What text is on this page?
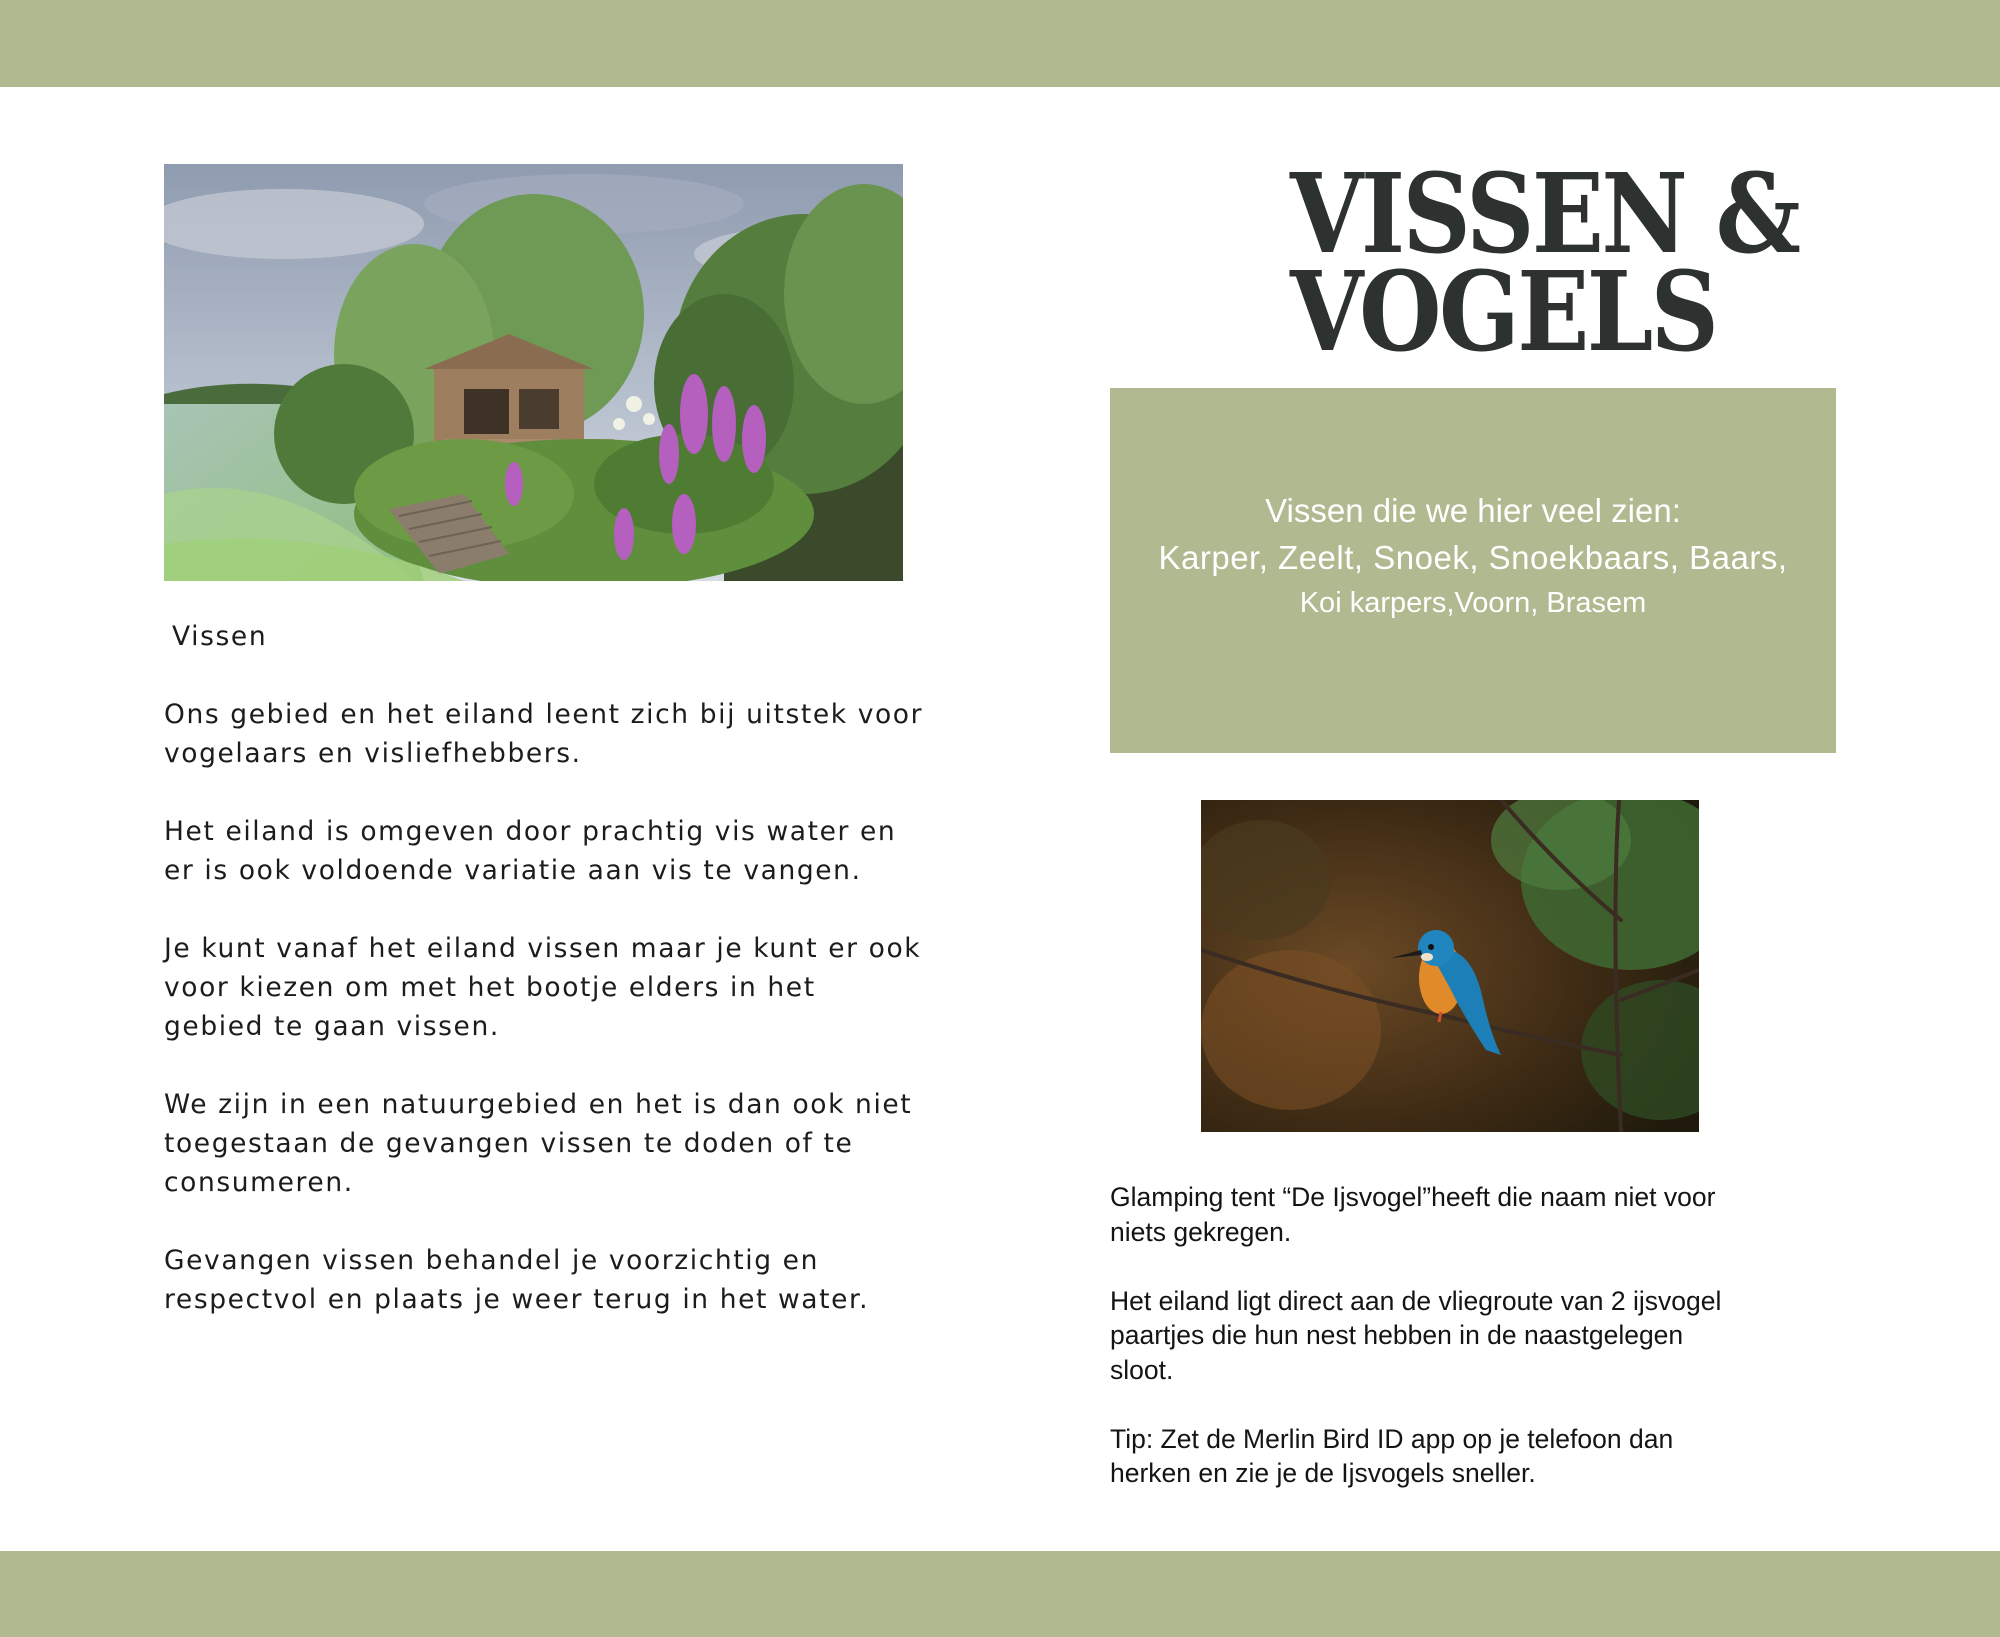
Vissen

Ons gebied en het eiland leent zich bij uitstek voor vogelaars en visliefhebbers.

Het eiland is omgeven door prachtig vis water en er is ook voldoende variatie aan vis te vangen.

Je kunt vanaf het eiland vissen maar je kunt er ook voor kiezen om met het bootje elders in het gebied te gaan vissen.

We zijn in een natuurgebied en het is dan ook niet toegestaan de gevangen vissen te doden of te consumeren.

Gevangen vissen behandel je voorzichtig en respectvol en plaats je weer terug in het water.

VISSEN &
VOGELS
Vissen die we hier veel zien:
Karper, Zeelt, Snoek, Snoekbaars, Baars,
Koi karpers,Voorn, Brasem

Glamping tent “De Ijsvogel”heeft die naam niet voor niets gekregen.

Het eiland ligt direct aan de vliegroute van 2 ijsvogel paartjes die hun nest hebben in de naastgelegen sloot.

Tip: Zet de Merlin Bird ID app op je telefoon dan herken en zie je de Ijsvogels sneller.
